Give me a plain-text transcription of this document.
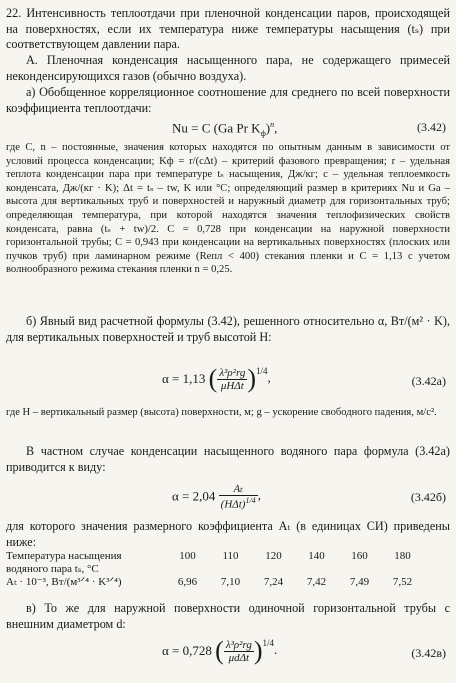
22. Интенсивность теплоотдачи при пленочной конденсации паров, происходящей на поверхностях, если их температура ниже температуры насыщения (tₛ) при соответствующем давлении пара.
А. Пленочная конденсация насыщенного пара, не содержащего примесей неконденсирующихся газов (обычно воздуха).
а) Обобщенное корреляционное соотношение для среднего по всей поверхности коэффициента теплоотдачи:
Nu = C (Ga Pr $K_ф)^n$,	(3.42)
где C, n – постоянные, значения которых находятся по опытным данным в зависимости от условий процесса конденсации; Kф = r/(cΔt) – критерий фазового превращения; r – удельная теплота конденсации пара при температуре tₛ насыщения, Дж/кг; c – удельная теплоемкость конденсата, Дж/(кг · K); Δt = tₛ – tw, K или °C; определяющий размер в критериях Nu и Ga – высота для вертикальных труб и поверхностей и наружный диаметр для горизонтальных труб; определяющая температура, при которой находятся значения теплофизических свойств конденсата, равна (tₛ + tw)/2. C = 0,728 при конденсации на наружной поверхности горизонтальной трубы; C = 0,943 при конденсации на вертикальных поверхностях (плоских или пучков труб) при ламинарном режиме (Reпл < 400) стекания пленки и C = 1,13 с учетом волнообразного режима стекания пленки n = 0,25.
б) Явный вид расчетной формулы (3.42), решенного относительно α, Вт/(м² · K), для вертикальных поверхностей и труб высотой H:
α = 1,13 ( $\frac{\text{λ³ρ²rg}}{\text{μHΔt}} )^{1/4}$,	(3.42а)
где H – вертикальный размер (высота) поверхности, м; g – ускорение свободного падения, м/с².
В частном случае конденсации насыщенного водяного пара формула (3.42а) приводится к виду:
$\alpha = 2,04 \frac{\text{Aₜ}}{(H\Delta t)^{1/4}}$ ,	(3.42б)
для которого значения размерного коэффициента Aₜ (в единицах СИ) приведены ниже:
Температура насыщения	100	110	120	140	160	180
водяного пара tₛ, °C						
Aₜ · 10⁻³, Вт/(м³ᐟ⁴ · K³ᐟ⁴)	6,96	7,10	7,24	7,42	7,49	7,52
в) То же для наружной поверхности одиночной горизонтальной трубы с внешним диаметром d:
α = 0,728 ( $\frac{\text{λ³ρ²rg}}{\text{μdΔt}} )^{1/4}$.	(3.42в)
